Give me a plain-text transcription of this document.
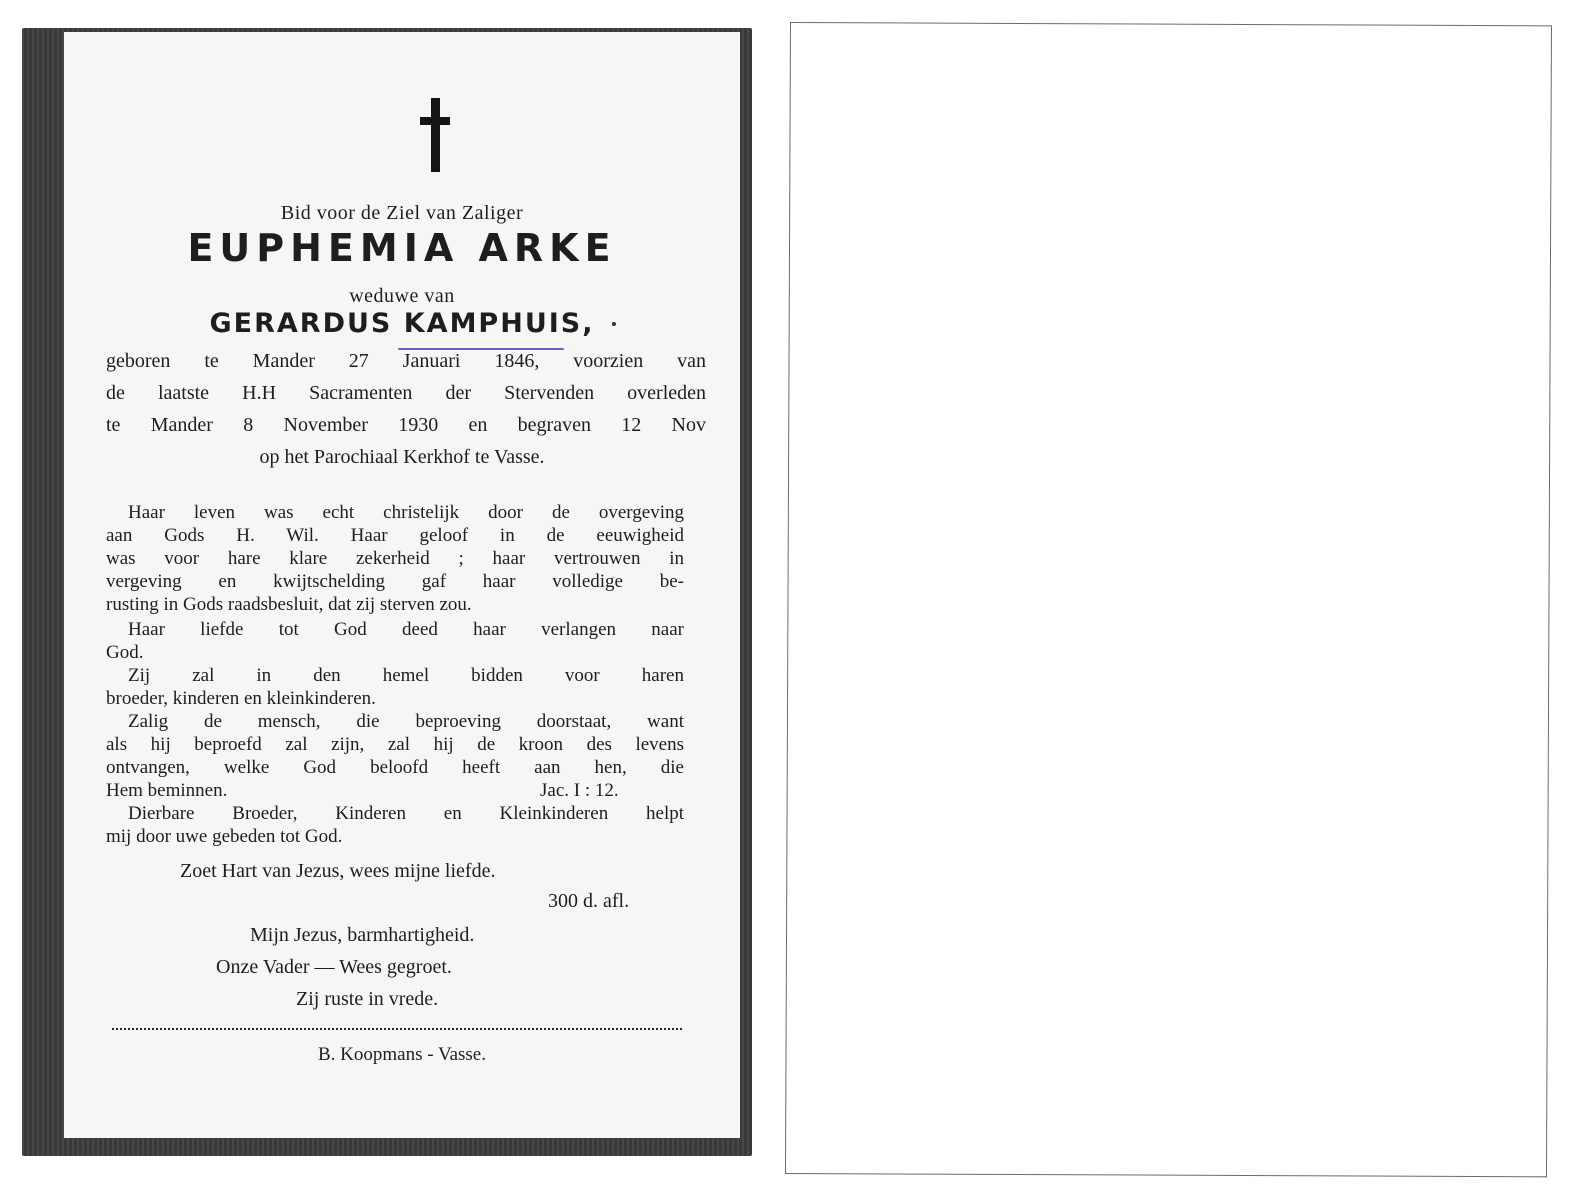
Bid voor de Ziel van Zaliger
EUPHEMIA ARKE
weduwe van
GERARDUS KAMPHUIS,
geboren te Mander 27 Januari 1846, voorzien van
de laatste H.H Sacramenten der Stervenden overleden
te Mander 8 November 1930 en begraven 12 Nov
op het Parochiaal Kerkhof te Vasse.
Haar leven was echt christelijk door de overgeving
aan Gods H. Wil. Haar geloof in de eeuwigheid
was voor hare klare zekerheid ; haar vertrouwen in
vergeving en kwijtschelding gaf haar volledige be-
rusting in Gods raadsbesluit, dat zij sterven zou.
Haar liefde tot God deed haar verlangen naar
God.
Zij zal in den hemel bidden voor haren
broeder, kinderen en kleinkinderen.
Zalig de mensch, die beproeving doorstaat, want
als hij beproefd zal zijn, zal hij de kroon des levens
ontvangen, welke God beloofd heeft aan hen, die
Hem beminnen.	Jac. I : 12.
Dierbare Broeder, Kinderen en Kleinkinderen helpt
mij door uwe gebeden tot God.
Zoet Hart van Jezus, wees mijne liefde.
300 d. afl.
Mijn Jezus, barmhartigheid.
Onze Vader — Wees gegroet.
Zij ruste in vrede.
B. Koopmans - Vasse.
